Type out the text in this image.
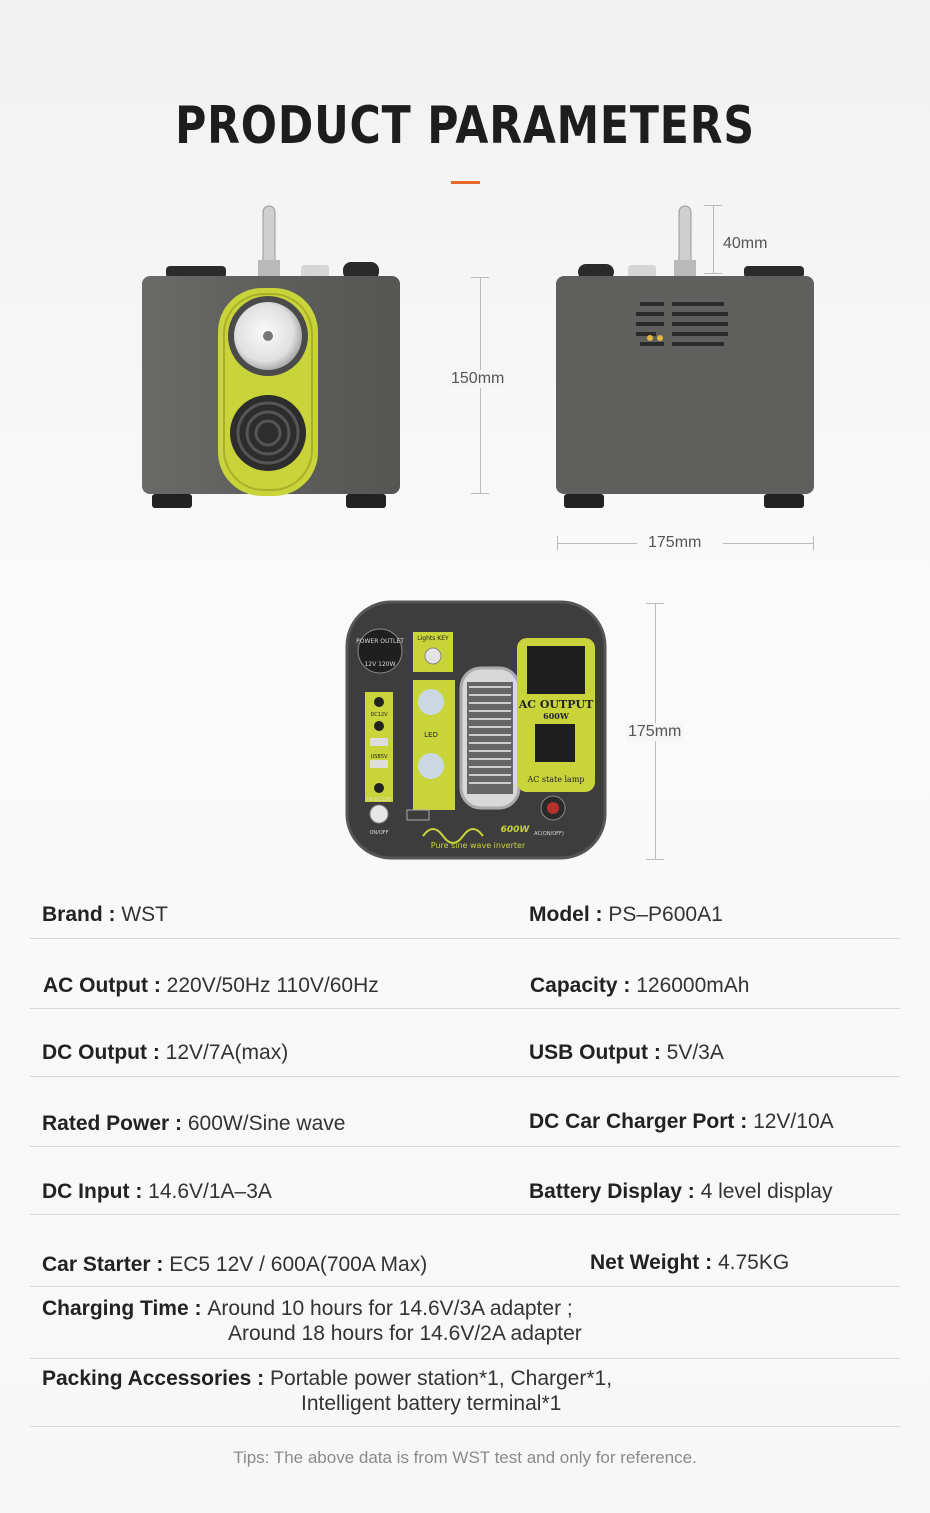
PRODUCT PARAMETERS
150mm
40mm
175mm
POWER OUTLET
12V 120W
Lights KEY
DC12V
USB5V
IN DC12V
ON/OFF
LED
AC OUTPUT
600W
AC state lamp
AC(ON/OFF)
600W
Pure sine wave inverter
175mm
Brand : WST	Model : PS–P600A1
AC Output : 220V/50Hz 110V/60Hz	Capacity : 126000mAh
DC Output : 12V/7A(max)	USB Output : 5V/3A
Rated Power : 600W/Sine wave	DC Car Charger Port : 12V/10A
DC Input : 14.6V/1A–3A	Battery Display : 4 level display
Car Starter : EC5 12V / 600A(700A Max)	Net Weight : 4.75KG
Charging Time : Around 10 hours for 14.6V/3A adapter ;
Around 18 hours for 14.6V/2A adapter
Packing Accessories : Portable power station*1, Charger*1,
Intelligent battery terminal*1
Tips: The above data is from WST test and only for reference.
